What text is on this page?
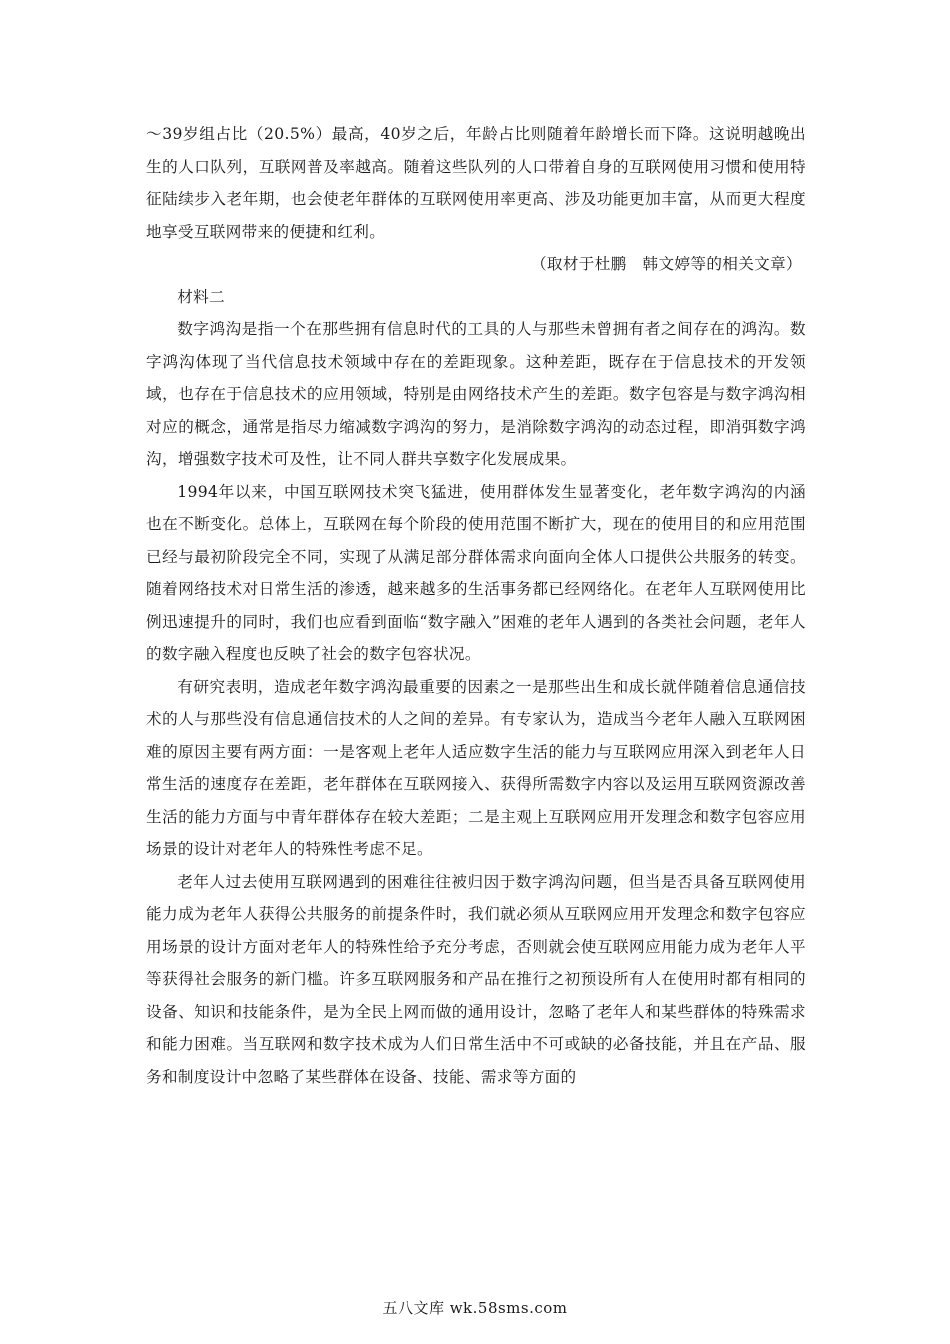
～39岁组占比（20.5%）最高，40岁之后，年龄占比则随着年龄增长而下降。这说明越晚出生的人口队列，互联网普及率越高。随着这些队列的人口带着自身的互联网使用习惯和使用特征陆续步入老年期，也会使老年群体的互联网使用率更高、涉及功能更加丰富，从而更大程度地享受互联网带来的便捷和红利。

（取材于杜鹏　韩文婷等的相关文章）

材料二

数字鸿沟是指一个在那些拥有信息时代的工具的人与那些未曾拥有者之间存在的鸿沟。数字鸿沟体现了当代信息技术领域中存在的差距现象。这种差距，既存在于信息技术的开发领域，也存在于信息技术的应用领域，特别是由网络技术产生的差距。数字包容是与数字鸿沟相对应的概念，通常是指尽力缩减数字鸿沟的努力，是消除数字鸿沟的动态过程，即消弭数字鸿沟，增强数字技术可及性，让不同人群共享数字化发展成果。

1994年以来，中国互联网技术突飞猛进，使用群体发生显著变化，老年数字鸿沟的内涵也在不断变化。总体上，互联网在每个阶段的使用范围不断扩大，现在的使用目的和应用范围已经与最初阶段完全不同，实现了从满足部分群体需求向面向全体人口提供公共服务的转变。随着网络技术对日常生活的渗透，越来越多的生活事务都已经网络化。在老年人互联网使用比例迅速提升的同时，我们也应看到面临“数字融入”困难的老年人遇到的各类社会问题，老年人的数字融入程度也反映了社会的数字包容状况。

有研究表明，造成老年数字鸿沟最重要的因素之一是那些出生和成长就伴随着信息通信技术的人与那些没有信息通信技术的人之间的差异。有专家认为，造成当今老年人融入互联网困难的原因主要有两方面：一是客观上老年人适应数字生活的能力与互联网应用深入到老年人日常生活的速度存在差距，老年群体在互联网接入、获得所需数字内容以及运用互联网资源改善生活的能力方面与中青年群体存在较大差距；二是主观上互联网应用开发理念和数字包容应用场景的设计对老年人的特殊性考虑不足。

老年人过去使用互联网遇到的困难往往被归因于数字鸿沟问题，但当是否具备互联网使用能力成为老年人获得公共服务的前提条件时，我们就必须从互联网应用开发理念和数字包容应用场景的设计方面对老年人的特殊性给予充分考虑，否则就会使互联网应用能力成为老年人平等获得社会服务的新门槛。许多互联网服务和产品在推行之初预设所有人在使用时都有相同的设备、知识和技能条件，是为全民上网而做的通用设计，忽略了老年人和某些群体的特殊需求和能力困难。当互联网和数字技术成为人们日常生活中不可或缺的必备技能，并且在产品、服务和制度设计中忽略了某些群体在设备、技能、需求等方面的

五八文库 wk.58sms.com
